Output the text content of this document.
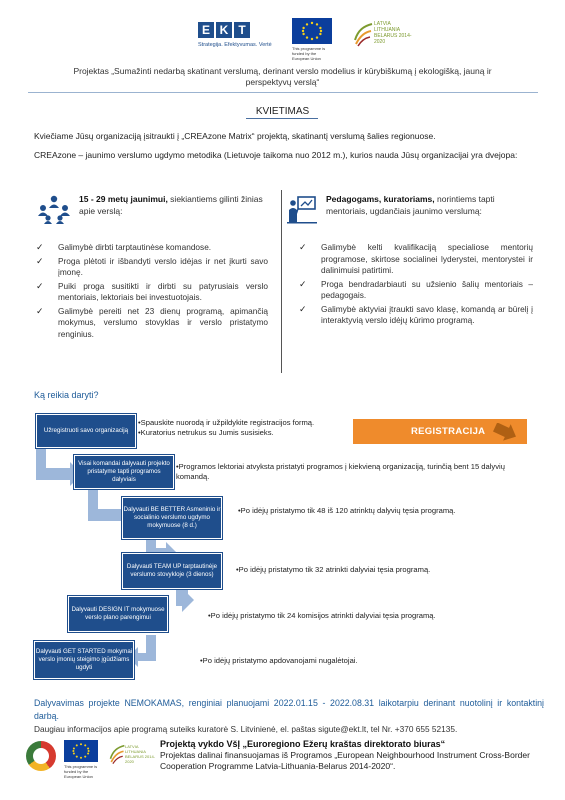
E K T
Strategija. Efektyvumas. Vertė
This programme is funded by the European Union
LATVIA LITHUANIA BELARUS 2014-2020
Projektas „Sumažinti nedarbą skatinant verslumą, derinant verslo modelius ir kūrybiškumą į ekologišką, jauną ir perspektyvų verslą“
KVIETIMAS
Kviečiame Jūsų organizaciją įsitraukti į „CREAzone Matrix“ projektą, skatinantį verslumą šalies regionuose.
CREAzone – jaunimo verslumo ugdymo metodika (Lietuvoje taikoma nuo 2012 m.), kurios nauda Jūsų organizacijai yra dvejopa:
15 - 29 metų jaunimui, siekiantiems gilinti žinias apie verslą:
✓ Galimybė dirbti tarptautinėse komandose.
✓ Proga plėtoti ir išbandyti verslo idėjas ir net įkurti savo įmonę.
✓ Puiki proga susitikti ir dirbti su patyrusiais verslo mentoriais, lektoriais bei investuotojais.
✓ Galimybė pereiti net 23 dienų programą, apimančią mokymus, verslumo stovyklas ir verslo pristatymo renginius.
Pedagogams, kuratoriams, norintiems tapti mentoriais, ugdančiais jaunimo verslumą:
✓ Galimybė kelti kvalifikaciją specialiose mentorių programose, skirtose socialinei lyderystei, mentorystei ir dalinimuisi patirtimi.
✓ Proga bendradarbiauti su užsienio šalių mentoriais – pedagogais.
✓ Galimybė aktyviai įtraukti savo klasę, komandą ar būrelį į interaktyvią verslo idėjų kūrimo programą.
Ką reikia daryti?
Užregistruoti savo organizaciją
•Spauskite nuorodą ir užpildykite registracijos formą.
•Kuratorius netrukus su Jumis susisieks.	REGISTRACIJA
Visai komandai dalyvauti projekto pristatyme tapti programos dalyviais
•Programos lektoriai atvyksta pristatyti programos į kiekvieną organizaciją, turinčią bent 15 dalyvių komandą.
Dalyvauti BE BETTER Asmeninio ir socialinio verslumo ugdymo mokymuose (8 d.)
•Po idėjų pristatymo tik 48 iš 120 atrinktų dalyvių tęsia programą.
Dalyvauti TEAM UP tarptautinėje verslumo stovykloje (3 dienos)
•Po idėjų pristatymo tik 32 atrinkti dalyviai tęsia programą.
Dalyvauti DESIGN IT mokymuose verslo plano parengimui	•Po idėjų pristatymo tik 24 komisijos atrinkti dalyviai tęsia programą.
Dalyvauti GET STARTED mokymai verslo įmonių steigimo įgūdžiams ugdyti
•Po idėjų pristatymo apdovanojami nugalėtojai.
Dalyvavimas projekte NEMOKAMAS, renginiai planuojami 2022.01.15 - 2022.08.31 laikotarpiu derinant nuotolinį ir kontaktinį darbą.
Daugiau informacijos apie programą suteiks kuratorė S. Litvinienė, el. paštas sigute@ekt.lt, tel Nr. +370 655 52135.
This programme is funded by the European Union
LATVIA LITHUANIA BELARUS 2014-2020
Projektą vykdo VšĮ „Euroregiono Ežerų kraštas direktorato biuras“
Projektas dalinai finansuojamas iš Programos „European Neighbourhood Instrument Cross-Border Cooperation Programme Latvia-Lithuania-Belarus 2014-2020“.
